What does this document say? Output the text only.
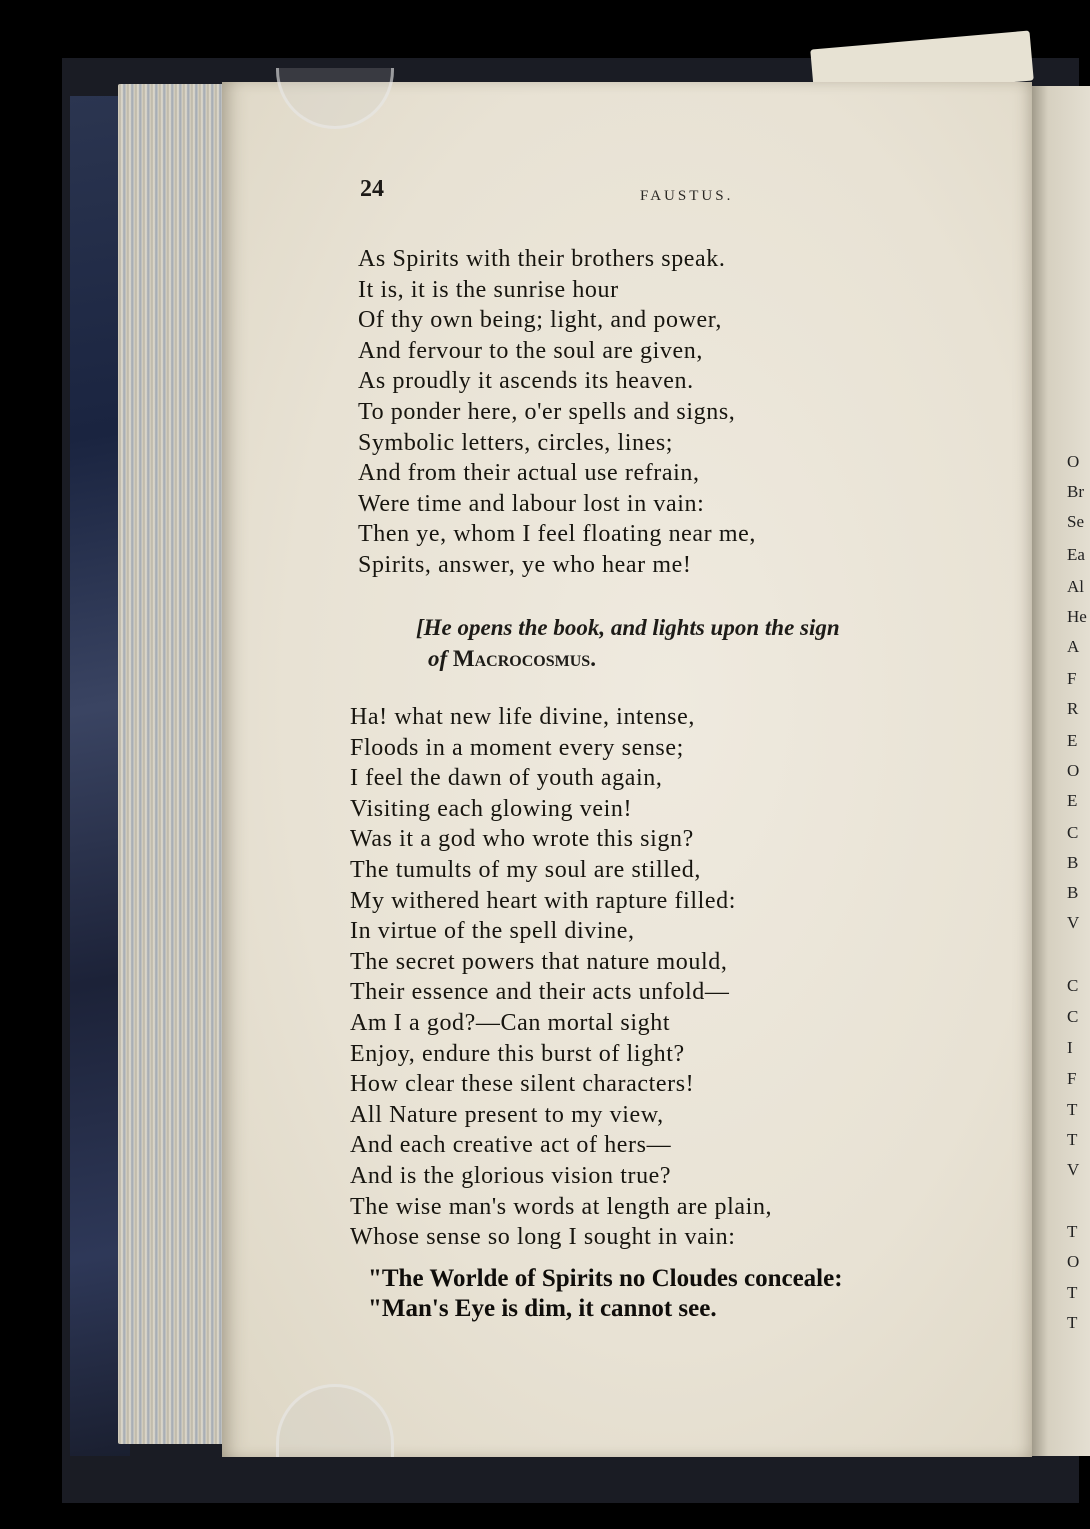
O
Br
Se
Ea
Al
He
A
F
R
E
O
E
C
B
B
V
C
C
I
F
T
T
V
T
O
T
T
24	FAUSTUS.
As Spirits with their brothers speak.
It is, it is the sunrise hour
Of thy own being; light, and power,
And fervour to the soul are given,
As proudly it ascends its heaven.
To ponder here, o'er spells and signs,
Symbolic letters, circles, lines;
And from their actual use refrain,
Were time and labour lost in vain:
Then ye, whom I feel floating near me,
Spirits, answer, ye who hear me!
[He opens the book, and lights upon the sign
of Macrocosmus.
Ha! what new life divine, intense,
Floods in a moment every sense;
I feel the dawn of youth again,
Visiting each glowing vein!
Was it a god who wrote this sign?
The tumults of my soul are stilled,
My withered heart with rapture filled:
In virtue of the spell divine,
The secret powers that nature mould,
Their essence and their acts unfold—
Am I a god?—Can mortal sight
Enjoy, endure this burst of light?
How clear these silent characters!
All Nature present to my view,
And each creative act of hers—
And is the glorious vision true?
The wise man's words at length are plain,
Whose sense so long I sought in vain:
"The Worlde of Spirits no Cloudes conceale:
"Man's Eye is dim, it cannot see.
